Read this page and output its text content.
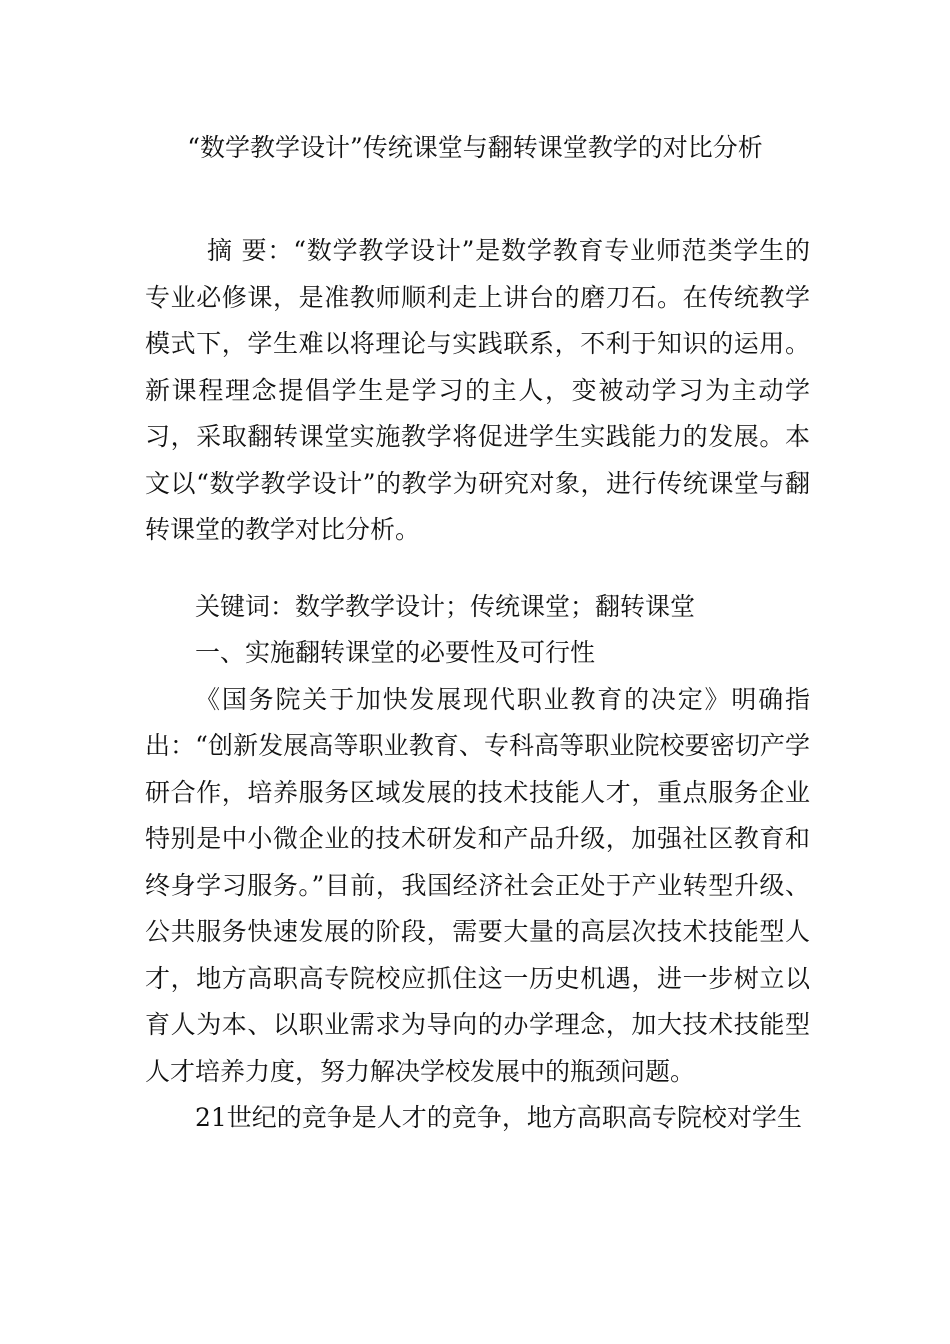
“数学教学设计”传统课堂与翻转课堂教学的对比分析

摘 要：“数学教学设计”是数学教育专业师范类学生的专业必修课，是准教师顺利走上讲台的磨刀石。在传统教学模式下，学生难以将理论与实践联系，不利于知识的运用。新课程理念提倡学生是学习的主人，变被动学习为主动学习，采取翻转课堂实施教学将促进学生实践能力的发展。本文以“数学教学设计”的教学为研究对象，进行传统课堂与翻转课堂的教学对比分析。

关键词：数学教学设计；传统课堂；翻转课堂

一、实施翻转课堂的必要性及可行性

《国务院关于加快发展现代职业教育的决定》明确指出：“创新发展高等职业教育、专科高等职业院校要密切产学研合作，培养服务区域发展的技术技能人才，重点服务企业特别是中小微企业的技术研发和产品升级，加强社区教育和终身学习服务。”目前，我国经济社会正处于产业转型升级、公共服务快速发展的阶段，需要大量的高层次技术技能型人才，地方高职高专院校应抓住这一历史机遇，进一步树立以育人为本、以职业需求为导向的办学理念，加大技术技能型人才培养力度，努力解决学校发展中的瓶颈问题。

21世纪的竞争是人才的竞争，地方高职高专院校对学生
